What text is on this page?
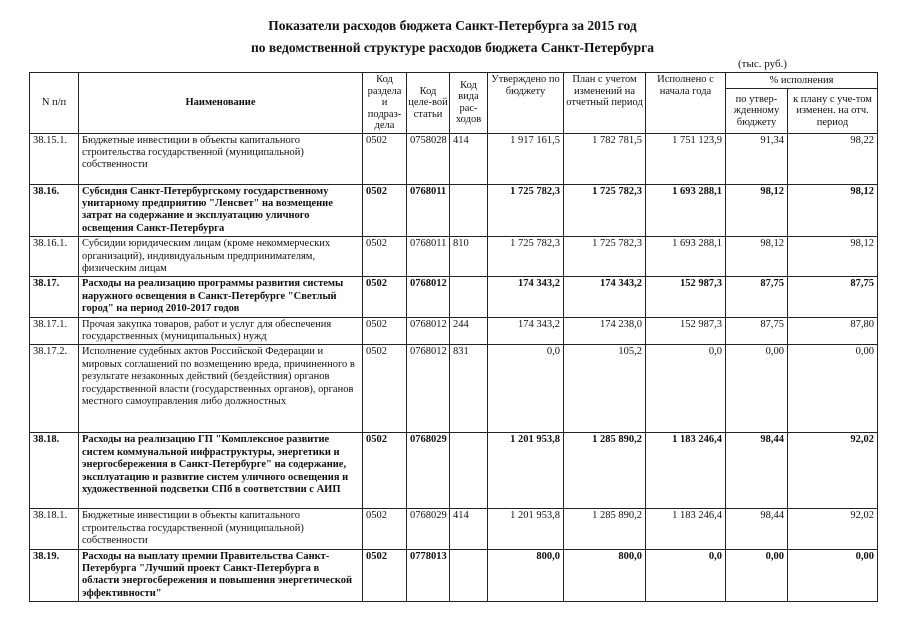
Показатели расходов бюджета Санкт-Петербурга за 2015 год
по ведомственной структуре расходов бюджета Санкт-Петербурга
(тыс. руб.)
N п/п	Наименование	Код раздела и подраз-дела	Код целе-вой статьи	Код вида рас-ходов	Утверждено по бюджету	План с учетом изменений на отчетный период	Исполнено с начала года	% исполнения	
								по утвер-жденному бюджету	к плану с уче-том изменен. на отч. период
38.15.1.	Бюджетные инвестиции в объекты капитального строительства государственной (муниципальной) собственности	0502	0758028	414	1 917 161,5	1 782 781,5	1 751 123,9	91,34	98,22
38.16.	Субсидия Санкт-Петербургскому государственному унитарному предприятию "Ленсвет" на возмещение затрат на содержание и эксплуатацию уличного освещения Санкт-Петербурга	0502	0768011		1 725 782,3	1 725 782,3	1 693 288,1	98,12	98,12
38.16.1.	Субсидии юридическим лицам (кроме некоммерческих организаций), индивидуальным предпринимателям, физическим лицам	0502	0768011	810	1 725 782,3	1 725 782,3	1 693 288,1	98,12	98,12
38.17.	Расходы на реализацию программы развития системы наружного освещения в Санкт-Петербурге "Светлый город" на период 2010-2017 годов	0502	0768012		174 343,2	174 343,2	152 987,3	87,75	87,75
38.17.1.	Прочая закупка товаров, работ и услуг для обеспечения государственных (муниципальных) нужд	0502	0768012	244	174 343,2	174 238,0	152 987,3	87,75	87,80
38.17.2.	Исполнение судебных актов Российской Федерации и мировых соглашений по возмещению вреда, причиненного в результате незаконных действий (бездействия) органов государственной власти (государственных органов), органов местного самоуправления либо должностных	0502	0768012	831	0,0	105,2	0,0	0,00	0,00
38.18.	Расходы на реализацию ГП "Комплексное развитие систем коммунальной инфраструктуры, энергетики и энергосбережения в Санкт-Петербурге" на содержание, эксплуатацию и развитие систем уличного освещения и художественной подсветки СПб в соответствии с АИП	0502	0768029		1 201 953,8	1 285 890,2	1 183 246,4	98,44	92,02
38.18.1.	Бюджетные инвестиции в объекты капитального строительства государственной (муниципальной) собственности	0502	0768029	414	1 201 953,8	1 285 890,2	1 183 246,4	98,44	92,02
38.19.	Расходы на выплату премии Правительства Санкт-Петербурга "Лучший проект Санкт-Петербурга в области энергосбережения и повышения энергетической эффективности"	0502	0778013		800,0	800,0	0,0	0,00	0,00
